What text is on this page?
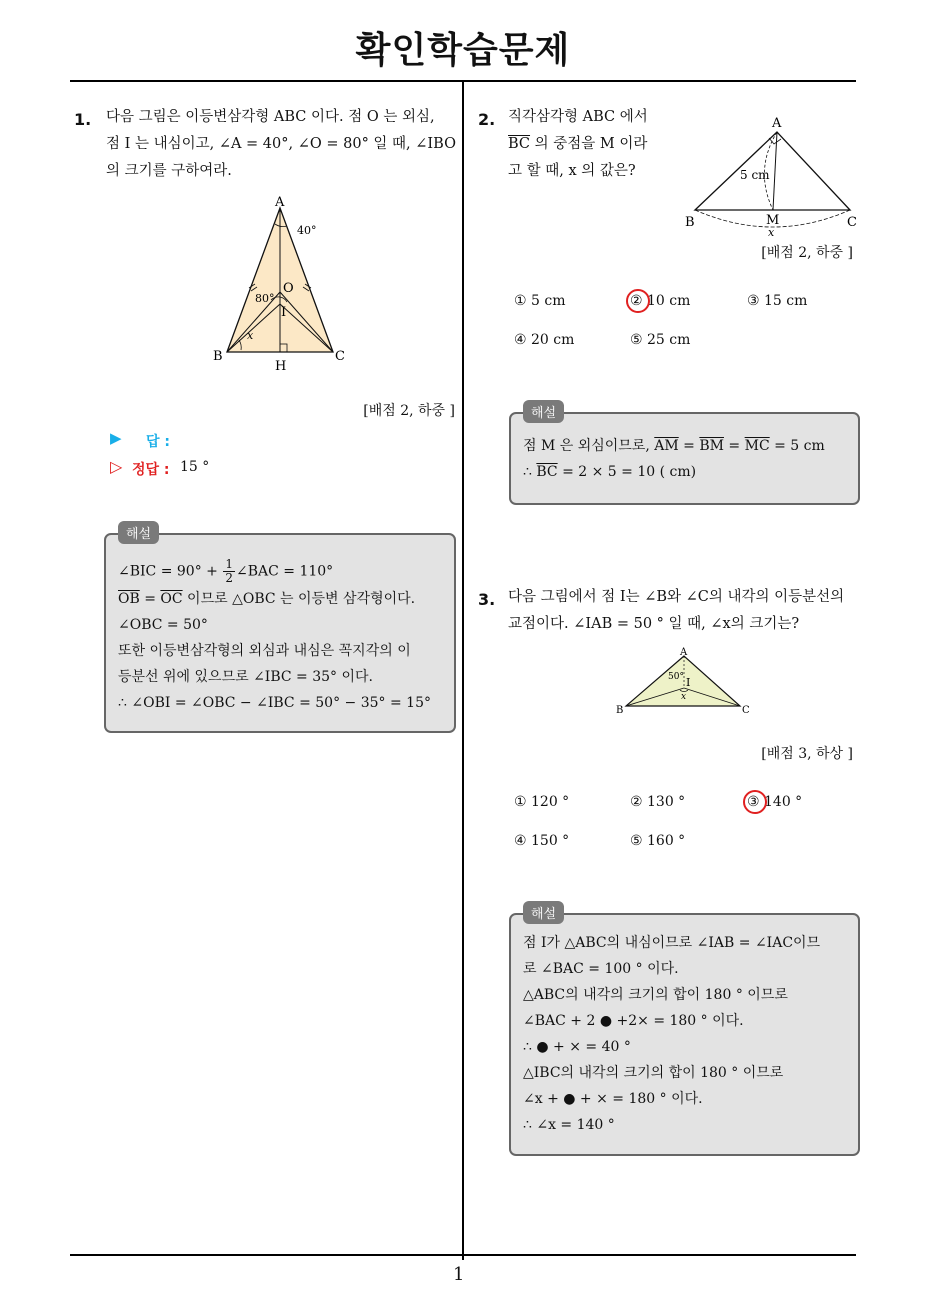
확인학습문제
1
1. 다음 그림은 이등변삼각형 ABC 이다. 점 O 는 외심,
점 I 는 내심이고, ∠A = 40°, ∠O = 80° 일 때, ∠IBO
의 크기를 구하여라.
A
B	C
O
I
H
40°
80°
x
[배점 2, 하중 ]
▶ 답 :
▷ 정답 : 15 °
해설
∠BIC = $90^\circ + \frac{1}{2}$ ∠BAC = 110°
$\overline{OB} = \overline{OC}$ 이므로 △OBC 는 이등변 삼각형이다.
∠OBC = 50°
또한 이등변삼각형의 외심과 내심은 꼭지각의 이
등분선 위에 있으므로 ∠IBC = 35° 이다.
∴ ∠OBI = ∠OBC − ∠IBC = 50° − 35° = 15°
2. 직각삼각형 ABC 에서
$\overline{BC}$ 의 중점을 M 이라
고 할 때, x 의 값은?
A
B	C
M
5 cm
x
[배점 2, 하중 ]
① 5 cm	② 10 cm	③ 15 cm
④ 20 cm	⑤ 25 cm
해설
점 M 은 외심이므로, $\overline{AM} = \overline{BM} = \overline{MC} = 5$ cm
∴ $\overline{BC} = 2 \times 5 = 10$ ( cm)
3. 다음 그림에서 점 I는 ∠B와 ∠C의 내각의 이등분선의
교점이다. ∠IAB = 50 ° 일 때, ∠x의 크기는?
A
B	C
I
50°
x
[배점 3, 하상 ]
① 120 °	② 130 °	③ 140 °
④ 150 °	⑤ 160 °
해설
점 I가 △ABC의 내심이므로 ∠IAB = ∠IAC이므
로 ∠BAC = 100 ° 이다.
△ABC의 내각의 크기의 합이 180 ° 이므로
∠BAC + 2 ● +2× = 180 ° 이다.
∴ ● + × = 40 °
△IBC의 내각의 크기의 합이 180 ° 이므로
∠x + ● + × = 180 ° 이다.
∴ ∠x = 140 °
